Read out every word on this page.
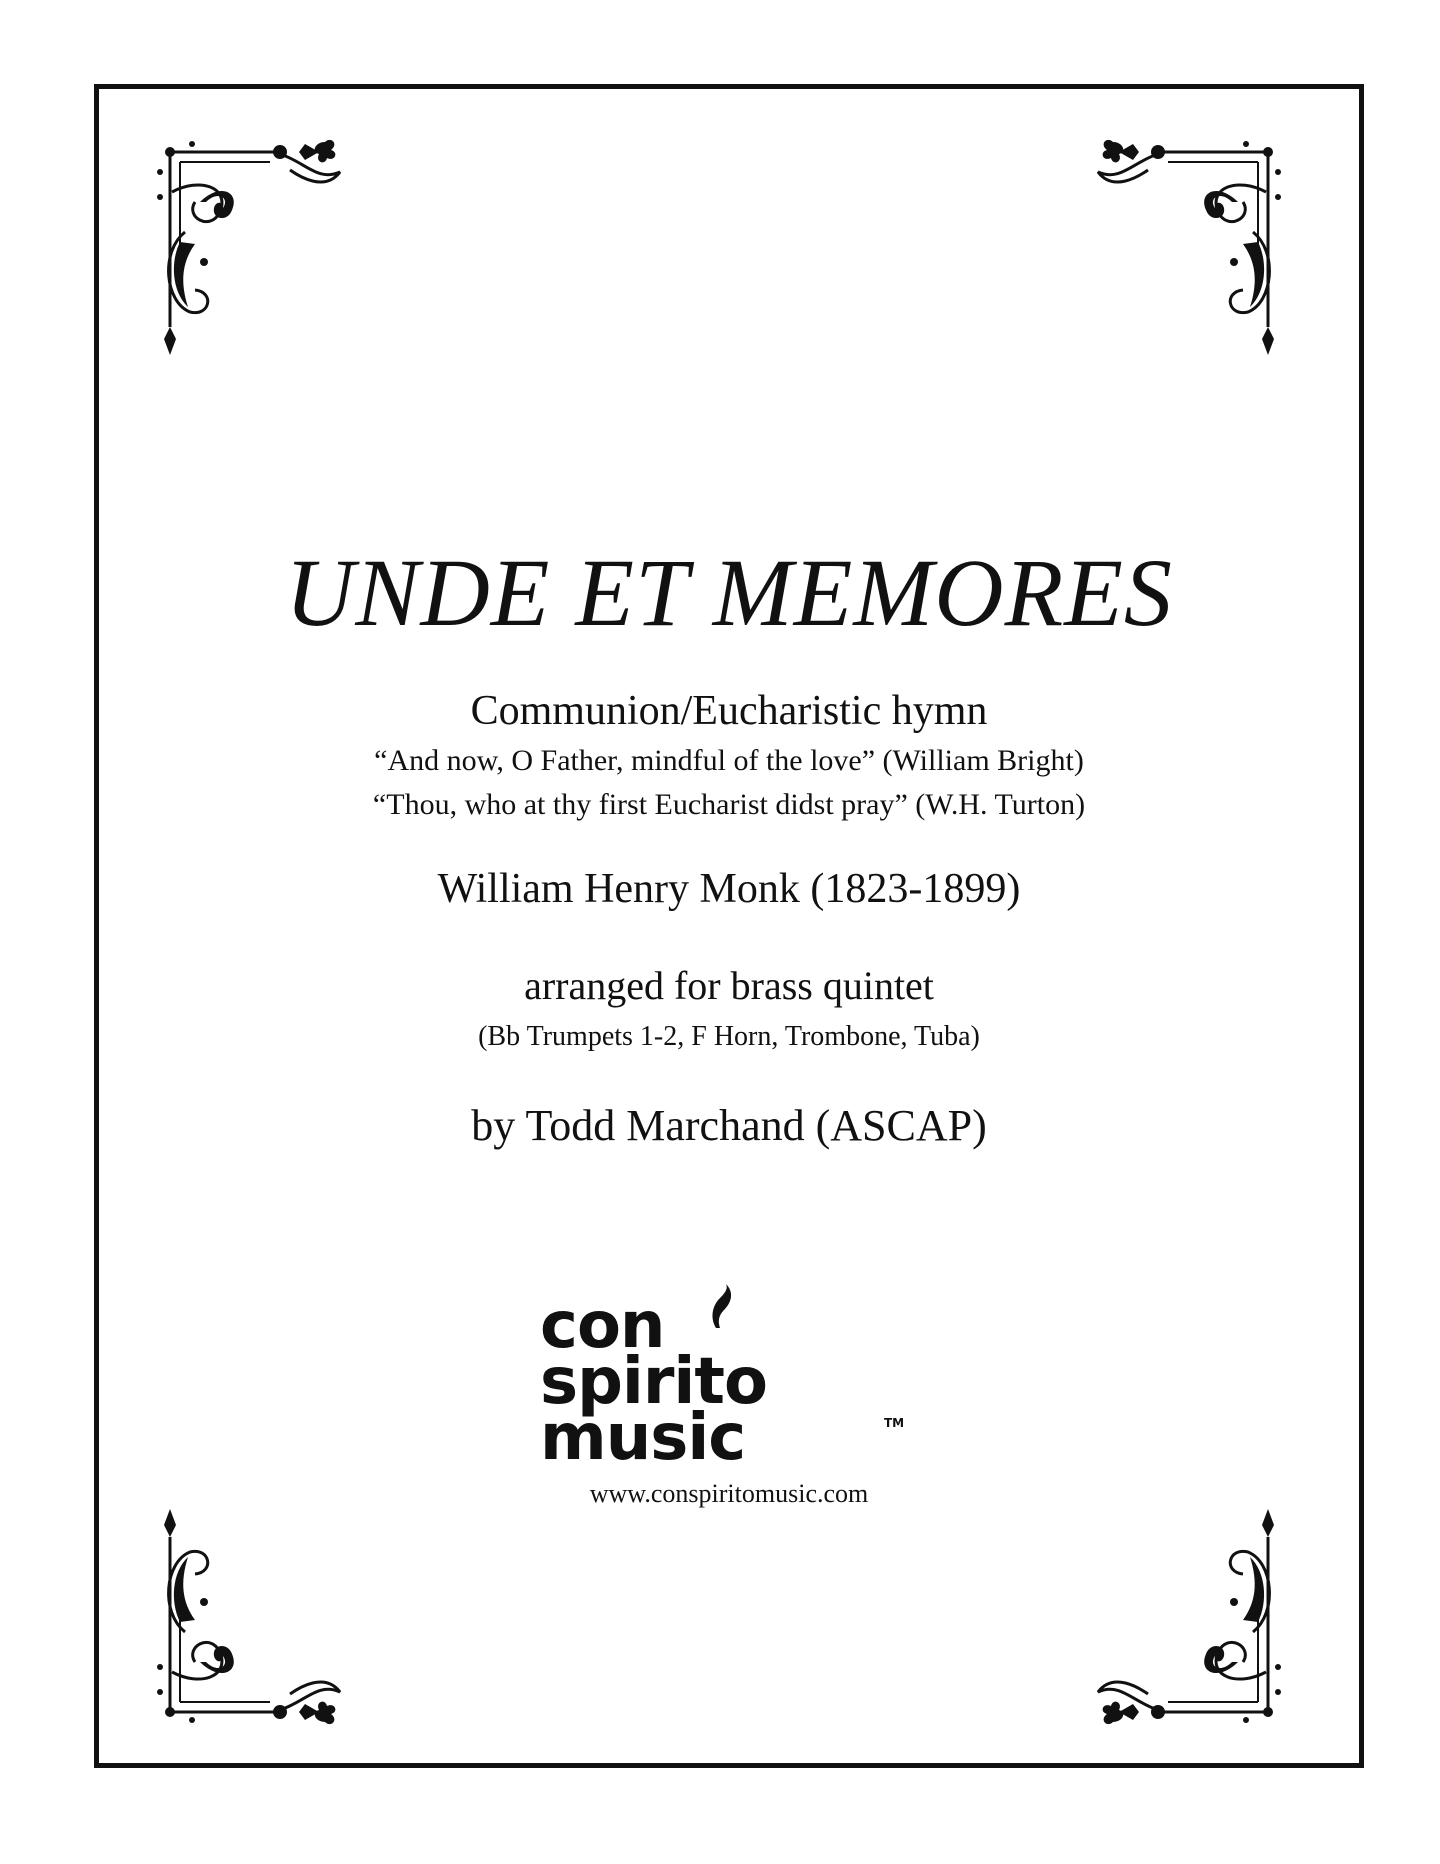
UNDE ET MEMORES
Communion/Eucharistic hymn
“And now, O Father, mindful of the love” (William Bright)
“Thou, who at thy first Eucharist didst pray” (W.H. Turton)
William Henry Monk (1823-1899)
arranged for brass quintet
(Bb Trumpets 1-2, F Horn, Trombone, Tuba)
by Todd Marchand (ASCAP)
con
spirito
music	TM
www.conspiritomusic.com
